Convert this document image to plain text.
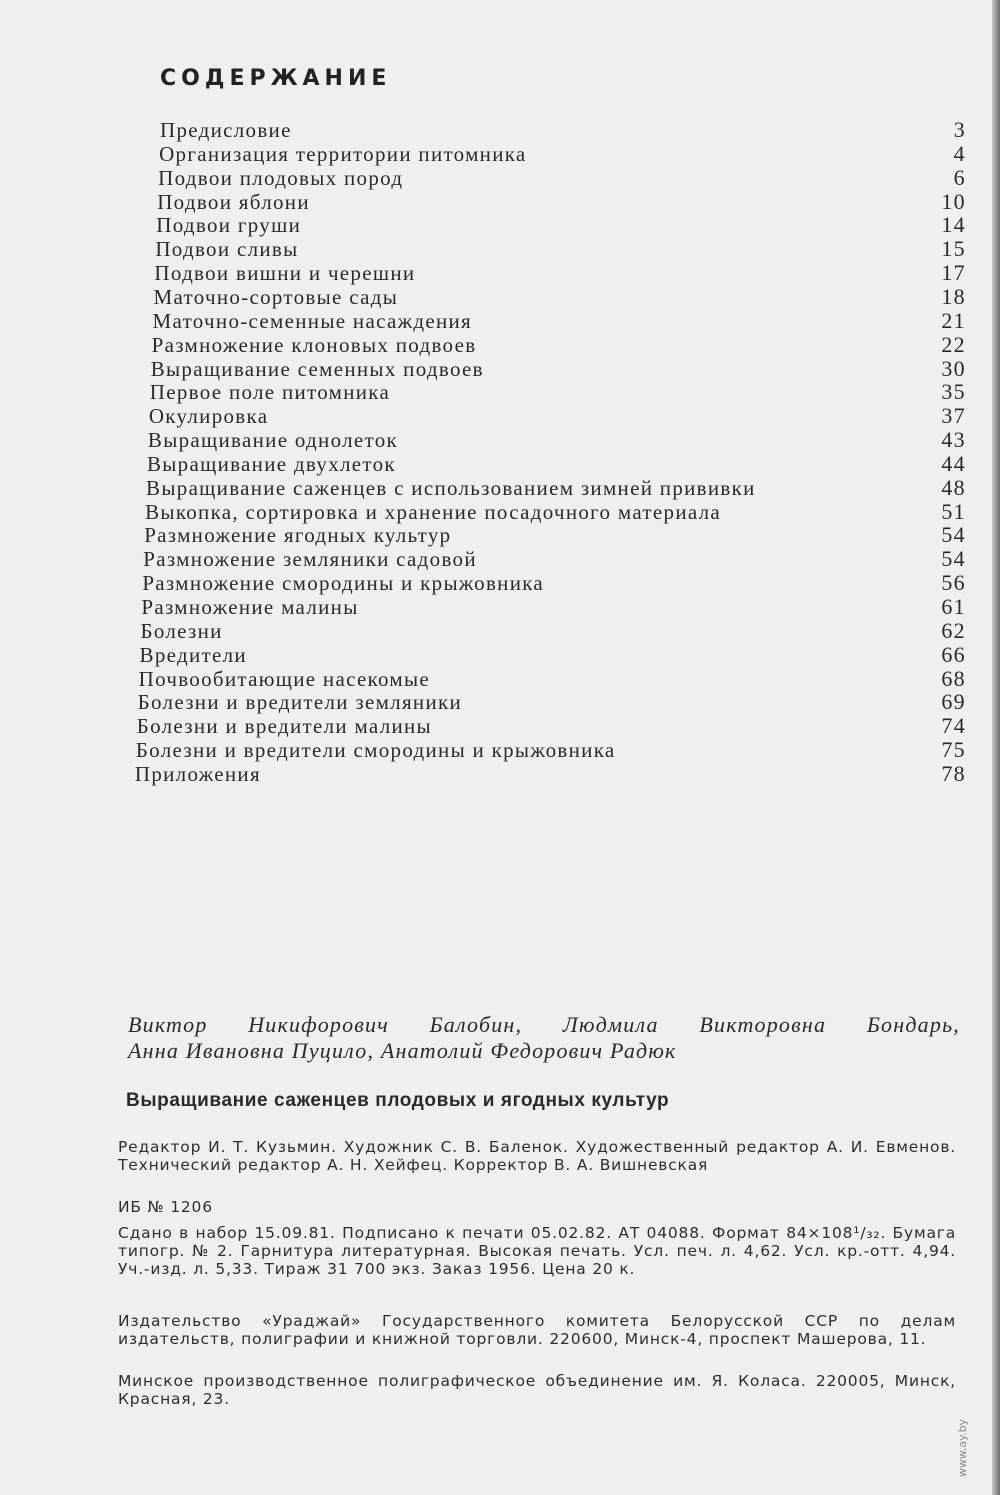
СОДЕРЖАНИЕ
Предисловие	3
Организация территории питомника	4
Подвои плодовых пород	6
Подвои яблони	10
Подвои груши	14
Подвои сливы	15
Подвои вишни и черешни	17
Маточно-сортовые сады	18
Маточно-семенные насаждения	21
Размножение клоновых подвоев	22
Выращивание семенных подвоев	30
Первое поле питомника	35
Окулировка	37
Выращивание однолеток	43
Выращивание двухлеток	44
Выращивание саженцев с использованием зимней прививки	48
Выкопка, сортировка и хранение посадочного материала	51
Размножение ягодных культур	54
Размножение земляники садовой	54
Размножение смородины и крыжовника	56
Размножение малины	61
Болезни	62
Вредители	66
Почвообитающие насекомые	68
Болезни и вредители земляники	69
Болезни и вредители малины	74
Болезни и вредители смородины и крыжовника	75
Приложения	78
Виктор Никифорович Балобин, Людмила Викторовна Бондарь,
Анна Ивановна Пуцило, Анатолий Федорович Радюк
Выращивание саженцев плодовых и ягодных культур
Редактор И. Т. Кузьмин. Художник С. В. Баленок. Художественный редактор А. И. Евменов. Технический редактор А. Н. Хейфец. Корректор В. А. Вишневская
ИБ № 1206
Сдано в набор 15.09.81. Подписано к печати 05.02.82. АТ 04088. Формат 84×108¹/₃₂. Бумага типогр. № 2. Гарнитура литературная. Высокая печать. Усл. печ. л. 4,62. Усл. кр.-отт. 4,94. Уч.-изд. л. 5,33. Тираж 31 700 экз. Заказ 1956. Цена 20 к.
Издательство «Ураджай» Государственного комитета Белорусской ССР по делам издательств, полиграфии и книжной торговли. 220600, Минск-4, проспект Машерова, 11.
Минское производственное полиграфическое объединение им. Я. Коласа. 220005, Минск, Красная, 23.
www.ay.by
